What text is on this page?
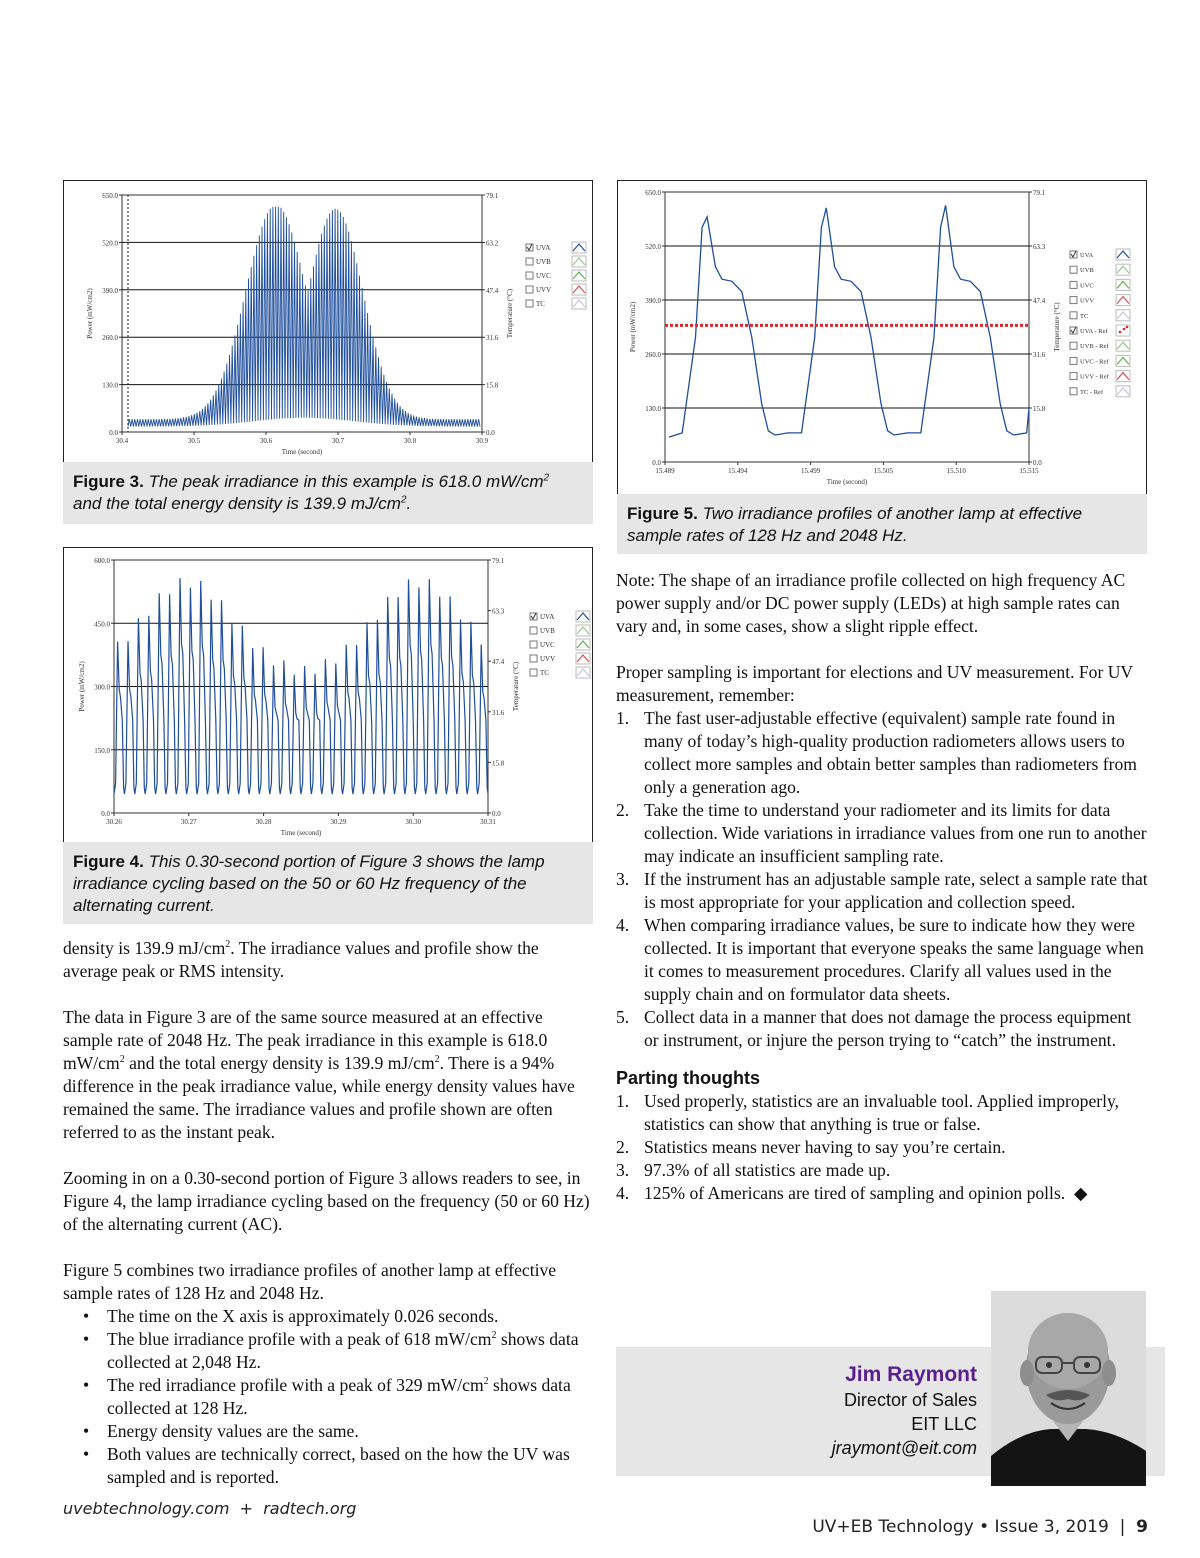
0.0
130.0
260.0
390.0
520.0
650.0
0.0
15.8
31.6
47.4
63.2
79.1
30.4	30.5	30.6	30.7	30.8	30.9
Time (second)
Power (mW/cm2)	Temperature (°C)
UVA
UVB
UVC
UVV
TC
Figure 3. The peak irradiance in this example is 618.0 $mW/cm^2$
and the total energy density is 139.9 $mJ/cm^2$.
0.0
150.0
300.0
450.0
600.0
0.0
15.8
31.6
47.4
63.3
79.1
30.26	30.27	30.28	30.29	30.30	30.31
Time (second)
Power (mW/cm2)	Temperature (°C)
UVA
UVB
UVC
UVV
TC
Figure 4. This 0.30-second portion of Figure 3 shows the lamp irradiance cycling based on the 50 or 60 Hz frequency of the alternating current.
0.0
130.0
260.0
390.0
520.0
650.0
0.0
15.8
31.6
47.4
63.3
79.1
15.489	15.494	15.499	15.505	15.510	15.515
Time (second)
Power (mW/cm2)	Temperature (°C)
UVA
UVB
UVC
UVV
TC
UVA - Ref
UVB - Ref
UVC - Ref
UVV - Ref
TC - Ref
Figure 5. Two irradiance profiles of another lamp at effective sample rates of 128 Hz and 2048 Hz.

density is 139.9 $mJ/cm^2$. The irradiance values and profile show the average peak or RMS intensity.

The data in Figure 3 are of the same source measured at an effective sample rate of 2048 Hz. The peak irradiance in this example is 618.0 $mW/cm^2$ and the total energy density is 139.9 $mJ/cm^2$. There is a 94% difference in the peak irradiance value, while energy density values have remained the same. The irradiance values and profile shown are often referred to as the instant peak.

Zooming in on a 0.30-second portion of Figure 3 allows readers to see, in Figure 4, the lamp irradiance cycling based on the frequency (50 or 60 Hz) of the alternating current (AC).

Figure 5 combines two irradiance profiles of another lamp at effective sample rates of 128 Hz and 2048 Hz.

• The time on the X axis is approximately 0.026 seconds.
• The blue irradiance profile with a peak of 618 $mW/cm^2$ shows data collected at 2,048 Hz.
• The red irradiance profile with a peak of 329 $mW/cm^2$ shows data collected at 128 Hz.
• Energy density values are the same.
• Both values are technically correct, based on the how the UV was sampled and is reported.

Note: The shape of an irradiance profile collected on high frequency AC power supply and/or DC power supply (LEDs) at high sample rates can vary and, in some cases, show a slight ripple effect.

Proper sampling is important for elections and UV measurement. For UV measurement, remember:

1. The fast user-adjustable effective (equivalent) sample rate found in many of today’s high-quality production radiometers allows users to collect more samples and obtain better samples than radiometers from only a generation ago.
2. Take the time to understand your radiometer and its limits for data collection. Wide variations in irradiance values from one run to another may indicate an insufficient sampling rate.
3. If the instrument has an adjustable sample rate, select a sample rate that is most appropriate for your application and collection speed.
4. When comparing irradiance values, be sure to indicate how they were collected. It is important that everyone speaks the same language when it comes to measurement procedures. Clarify all values used in the supply chain and on formulator data sheets.
5. Collect data in a manner that does not damage the process equipment or instrument, or injure the person trying to “catch” the instrument.
Parting thoughts
1. Used properly, statistics are an invaluable tool. Applied improperly, statistics can show that anything is true or false.
2. Statistics means never having to say you’re certain.
3. 97.3% of all statistics are made up.
4. 125% of Americans are tired of sampling and opinion polls.  ◆
Jim Raymont
Director of Sales
EIT LLC
jraymont@eit.com
uvebtechnology.com  +  radtech.org

UV+EB Technology • Issue 3, 2019 | 9
